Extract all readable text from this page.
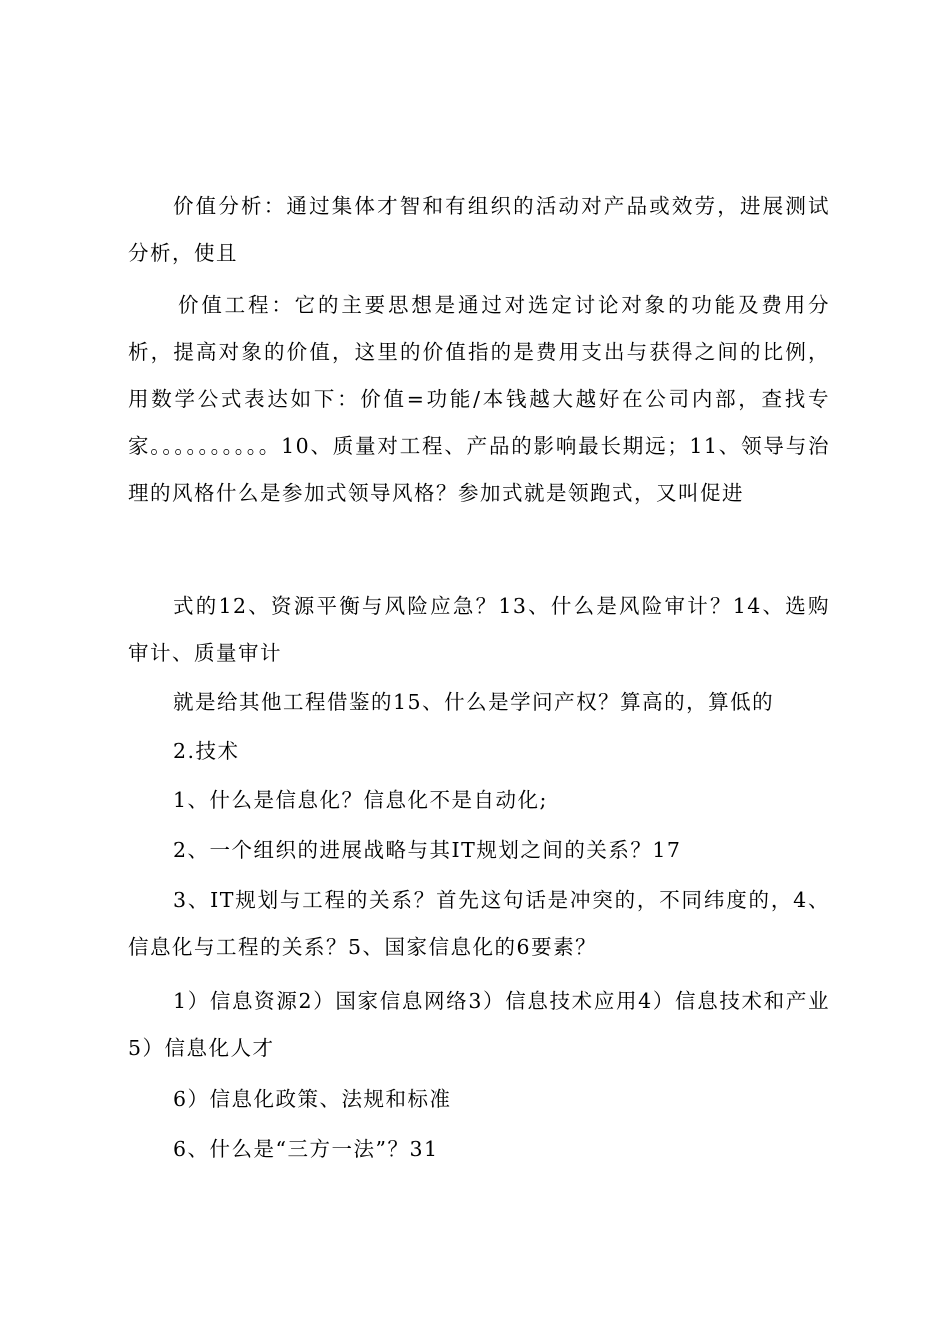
价值分析：通过集体才智和有组织的活动对产品或效劳，进展测试分析，使且

价值工程：它的主要思想是通过对选定讨论对象的功能及费用分析，提高对象的价值，这里的价值指的是费用支出与获得之间的比例，用数学公式表达如下：价值=功能/本钱越大越好在公司内部，查找专家。。。。。。。。。。10、质量对工程、产品的影响最长期远；11、领导与治理的风格什么是参加式领导风格？参加式就是领跑式，又叫促进

式的12、资源平衡与风险应急？13、什么是风险审计？14、选购审计、质量审计

就是给其他工程借鉴的15、什么是学问产权？算高的，算低的

2.技术

1、什么是信息化？信息化不是自动化;

2、一个组织的进展战略与其IT规划之间的关系？17

3、IT规划与工程的关系？首先这句话是冲突的，不同纬度的，4、信息化与工程的关系？5、国家信息化的6要素？

1）信息资源2）国家信息网络3）信息技术应用4）信息技术和产业5）信息化人才

6）信息化政策、法规和标准

6、什么是“三方一法”？31
